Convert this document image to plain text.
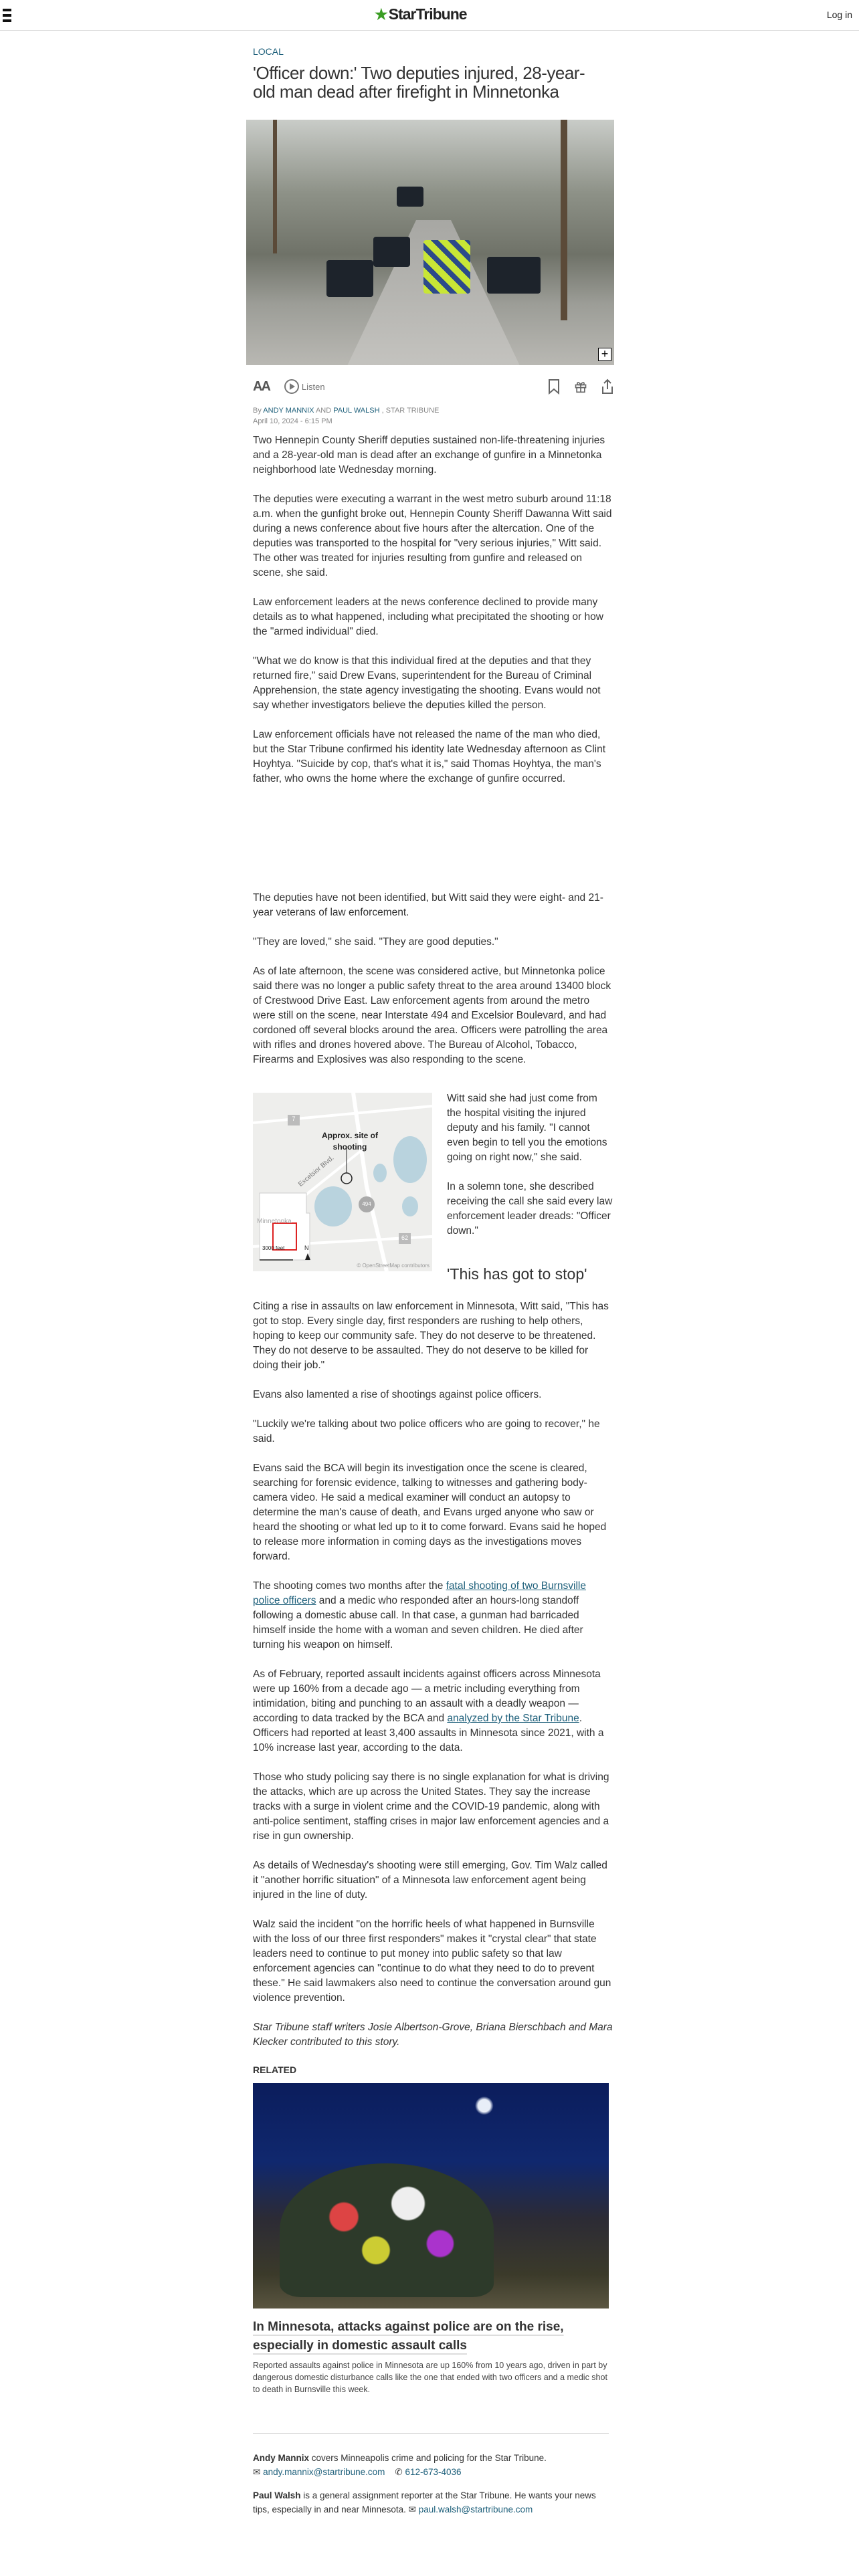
★ StarTribune	Log in
LOCAL
'Officer down:' Two deputies injured, 28-year-old man dead after firefight in Minnetonka
+
AA	Listen
By ANDY MANNIX AND PAUL WALSH , STAR TRIBUNE
April 10, 2024 - 6:15 PM

Two Hennepin County Sheriff deputies sustained non-life-threatening injuries and a 28-year-old man is dead after an exchange of gunfire in a Minnetonka neighborhood late Wednesday morning.

The deputies were executing a warrant in the west metro suburb around 11:18 a.m. when the gunfight broke out, Hennepin County Sheriff Dawanna Witt said during a news conference about five hours after the altercation. One of the deputies was transported to the hospital for "very serious injuries," Witt said. The other was treated for injuries resulting from gunfire and released on scene, she said.

Law enforcement leaders at the news conference declined to provide many details as to what happened, including what precipitated the shooting or how the "armed individual" died.

"What we do know is that this individual fired at the deputies and that they returned fire," said Drew Evans, superintendent for the Bureau of Criminal Apprehension, the state agency investigating the shooting. Evans would not say whether investigators believe the deputies killed the person.

Law enforcement officials have not released the name of the man who died, but the Star Tribune confirmed his identity late Wednesday afternoon as Clint Hoyhtya. "Suicide by cop, that's what it is," said Thomas Hoyhtya, the man's father, who owns the home where the exchange of gunfire occurred.

The deputies have not been identified, but Witt said they were eight- and 21-year veterans of law enforcement.

"They are loved," she said. "They are good deputies."

As of late afternoon, the scene was considered active, but Minnetonka police said there was no longer a public safety threat to the area around 13400 block of Crestwood Drive East. Law enforcement agents from around the metro were still on the scene, near Interstate 494 and Excelsior Boulevard, and had cordoned off several blocks around the area. Officers were patrolling the area with rifles and drones hovered above. The Bureau of Alcohol, Tobacco, Firearms and Explosives was also responding to the scene.

7
Approx. site of shooting
Excelsior Blvd.
494
62
Minnetonka
3000 feet	N
© OpenStreetMap contributors

Witt said she had just come from the hospital visiting the injured deputy and his family. "I cannot even begin to tell you the emotions going on right now," she said.

In a solemn tone, she described receiving the call she said every law enforcement leader dreads: "Officer down."

'This has got to stop'

Citing a rise in assaults on law enforcement in Minnesota, Witt said, "This has got to stop. Every single day, first responders are rushing to help others, hoping to keep our community safe. They do not deserve to be threatened. They do not deserve to be assaulted. They do not deserve to be killed for doing their job."

Evans also lamented a rise of shootings against police officers.

"Luckily we're talking about two police officers who are going to recover," he said.

Evans said the BCA will begin its investigation once the scene is cleared, searching for forensic evidence, talking to witnesses and gathering body-camera video. He said a medical examiner will conduct an autopsy to determine the man's cause of death, and Evans urged anyone who saw or heard the shooting or what led up to it to come forward. Evans said he hoped to release more information in coming days as the investigations moves forward.

The shooting comes two months after the fatal shooting of two Burnsville police officers and a medic who responded after an hours-long standoff following a domestic abuse call. In that case, a gunman had barricaded himself inside the home with a woman and seven children. He died after turning his weapon on himself.

As of February, reported assault incidents against officers across Minnesota were up 160% from a decade ago — a metric including everything from intimidation, biting and punching to an assault with a deadly weapon — according to data tracked by the BCA and analyzed by the Star Tribune. Officers had reported at least 3,400 assaults in Minnesota since 2021, with a 10% increase last year, according to the data.

Those who study policing say there is no single explanation for what is driving the attacks, which are up across the United States. They say the increase tracks with a surge in violent crime and the COVID-19 pandemic, along with anti-police sentiment, staffing crises in major law enforcement agencies and a rise in gun ownership.

As details of Wednesday's shooting were still emerging, Gov. Tim Walz called it "another horrific situation" of a Minnesota law enforcement agent being injured in the line of duty.

Walz said the incident "on the horrific heels of what happened in Burnsville with the loss of our three first responders" makes it "crystal clear" that state leaders need to continue to put money into public safety so that law enforcement agencies can "continue to do what they need to do to prevent these." He said lawmakers also need to continue the conversation around gun violence prevention.

Star Tribune staff writers Josie Albertson-Grove, Briana Bierschbach and Mara Klecker contributed to this story.

RELATED
In Minnesota, attacks against police are on the rise, especially in domestic assault calls
Reported assaults against police in Minnesota are up 160% from 10 years ago, driven in part by dangerous domestic disturbance calls like the one that ended with two officers and a medic shot to death in Burnsville this week.
Andy Mannix covers Minneapolis crime and policing for the Star Tribune.
✉ andy.mannix@startribune.com ✆ 612-673-4036
Paul Walsh is a general assignment reporter at the Star Tribune. He wants your news tips, especially in and near Minnesota. ✉ paul.walsh@startribune.com
